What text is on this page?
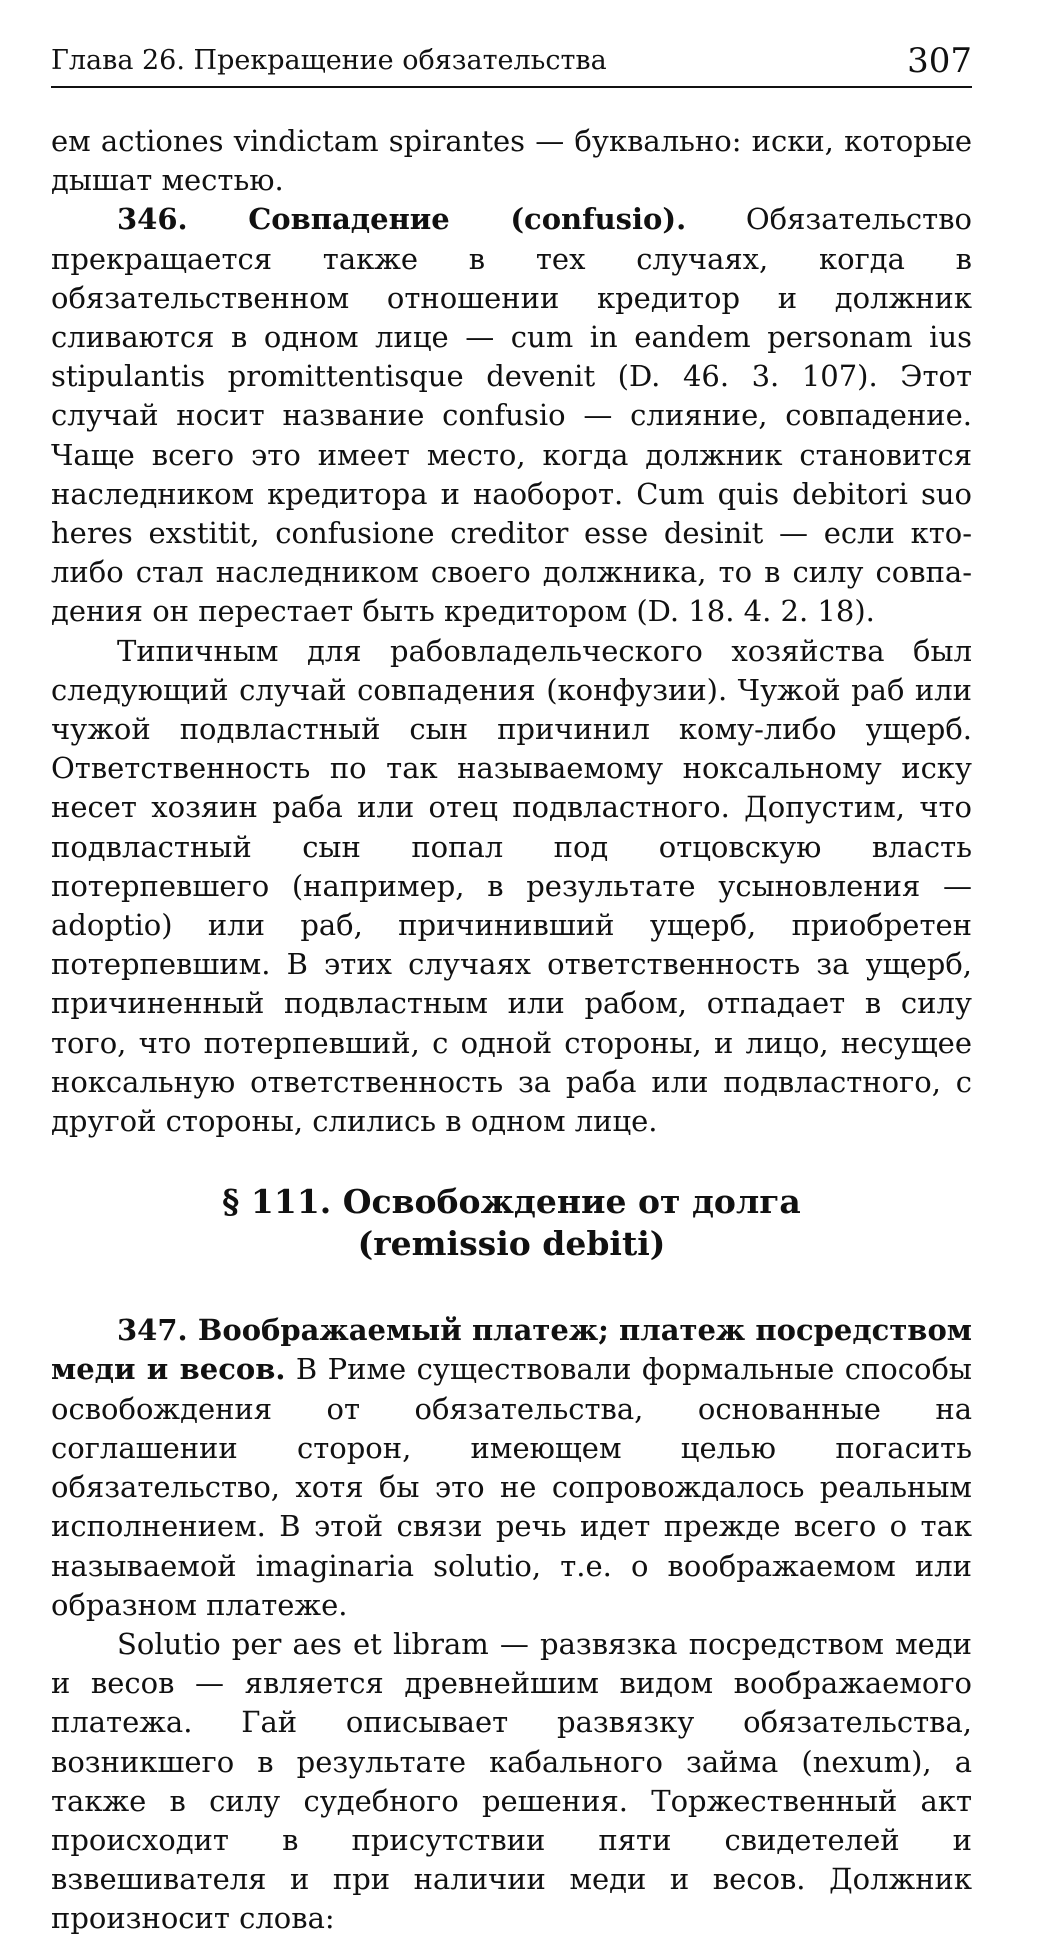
Глава 26. Прекращение обязательства	307

ем actiones vindictam spirantes — буквально: иски, которые дышат местью.

346. Совпадение (confusio). Обязательство прекращается также в тех случаях, когда в обязательственном отношении кредитор и должник сливаются в одном лице — cum in eandem personam ius stipulantis promittentisque devenit (D. 46. 3. 107). Этот случай носит название confusio — слияние, совпадение. Чаще всего это имеет место, когда должник становится наследником кредитора и наоборот. Cum quis debitori suo heres exstitit, confusione creditor esse desinit — если кто-либо стал наследником своего должника, то в силу совпадения он перестает быть кредитором (D. 18. 4. 2. 18).

Типичным для рабовладельческого хозяйства был следующий случай совпадения (конфузии). Чужой раб или чужой подвластный сын причинил кому-либо ущерб. Ответственность по так называемому ноксальному иску несет хозяин раба или отец подвластного. Допустим, что подвластный сын попал под отцовскую власть потерпевшего (например, в результате усыновления — adoptio) или раб, причинивший ущерб, приобретен потерпевшим. В этих случаях ответственность за ущерб, причиненный подвластным или рабом, отпадает в силу того, что потерпевший, с одной стороны, и лицо, несущее ноксальную ответственность за раба или подвластного, с другой стороны, слились в одном лице.

§ 111. Освобождение от долга
(remissio debiti)

347. Воображаемый платеж; платеж посредством меди и весов. В Риме существовали формальные способы освобождения от обязательства, основанные на соглашении сторон, имеющем целью погасить обязательство, хотя бы это не сопровождалось реальным исполнением. В этой связи речь идет прежде всего о так называемой imaginaria solutio, т.е. о воображаемом или образном платеже.

Solutio per aes et libram — развязка посредством меди и весов — является древнейшим видом воображаемого платежа. Гай описывает развязку обязательства, возникшего в результате кабального займа (nexum), а также в силу судебного решения. Торжественный акт происходит в присутствии пяти свидетелей и взвешивателя и при наличии меди и весов. Должник произносит слова:
